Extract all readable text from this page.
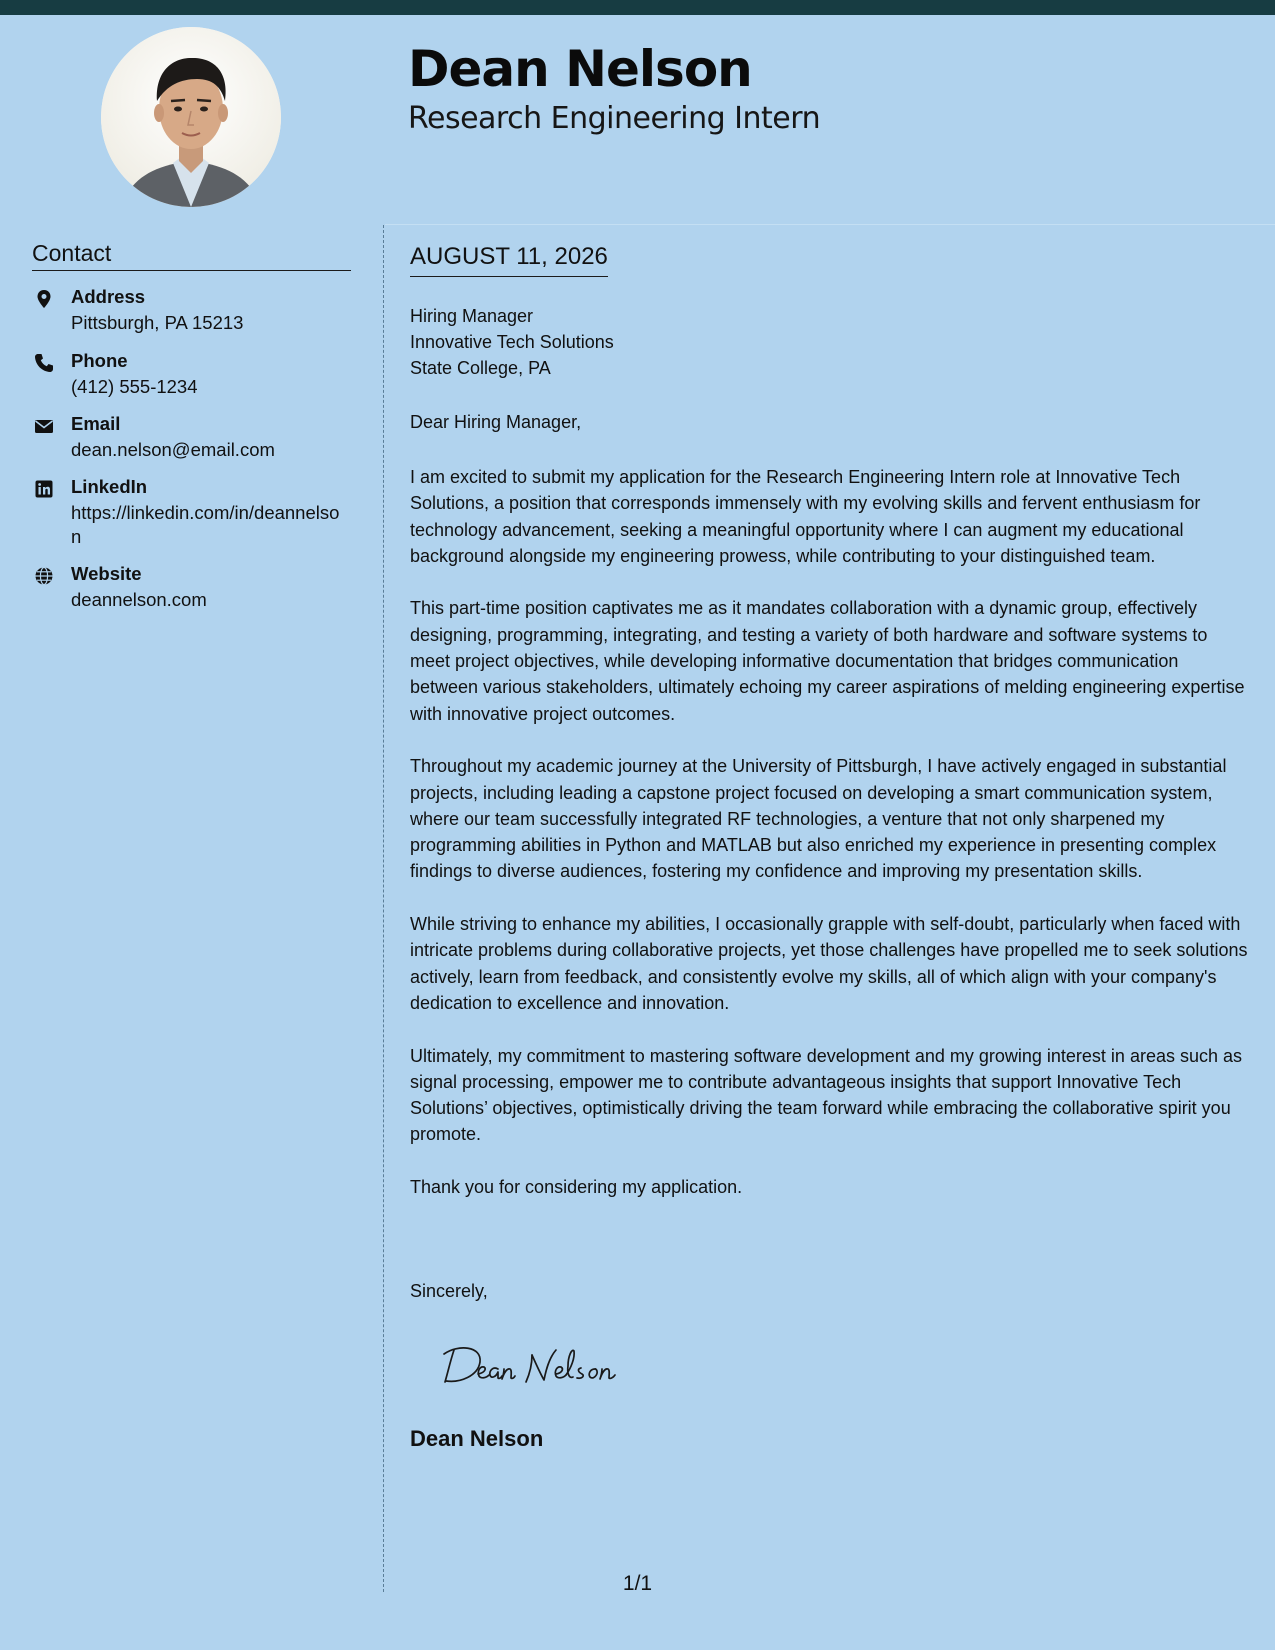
Dean Nelson
Research Engineering Intern
Contact
Address
Pittsburgh, PA 15213
Phone
(412) 555-1234
Email
dean.nelson@email.com
LinkedIn
https://linkedin.com/in/deannelson
Website
deannelson.com
AUGUST 11, 2026
Hiring Manager
Innovative Tech Solutions
State College, PA
Dear Hiring Manager,

I am excited to submit my application for the Research Engineering Intern role at Innovative Tech Solutions, a position that corresponds immensely with my evolving skills and fervent enthusiasm for technology advancement, seeking a meaningful opportunity where I can augment my educational background alongside my engineering prowess, while contributing to your distinguished team.

This part-time position captivates me as it mandates collaboration with a dynamic group, effectively designing, programming, integrating, and testing a variety of both hardware and software systems to meet project objectives, while developing informative documentation that bridges communication between various stakeholders, ultimately echoing my career aspirations of melding engineering expertise with innovative project outcomes.

Throughout my academic journey at the University of Pittsburgh, I have actively engaged in substantial projects, including leading a capstone project focused on developing a smart communication system, where our team successfully integrated RF technologies, a venture that not only sharpened my programming abilities in Python and MATLAB but also enriched my experience in presenting complex findings to diverse audiences, fostering my confidence and improving my presentation skills.

While striving to enhance my abilities, I occasionally grapple with self-doubt, particularly when faced with intricate problems during collaborative projects, yet those challenges have propelled me to seek solutions actively, learn from feedback, and consistently evolve my skills, all of which align with your company's dedication to excellence and innovation.

Ultimately, my commitment to mastering software development and my growing interest in areas such as signal processing, empower me to contribute advantageous insights that support Innovative Tech Solutions’ objectives, optimistically driving the team forward while embracing the collaborative spirit you promote.

Thank you for considering my application.

Sincerely,
Dean Nelson
1/1
